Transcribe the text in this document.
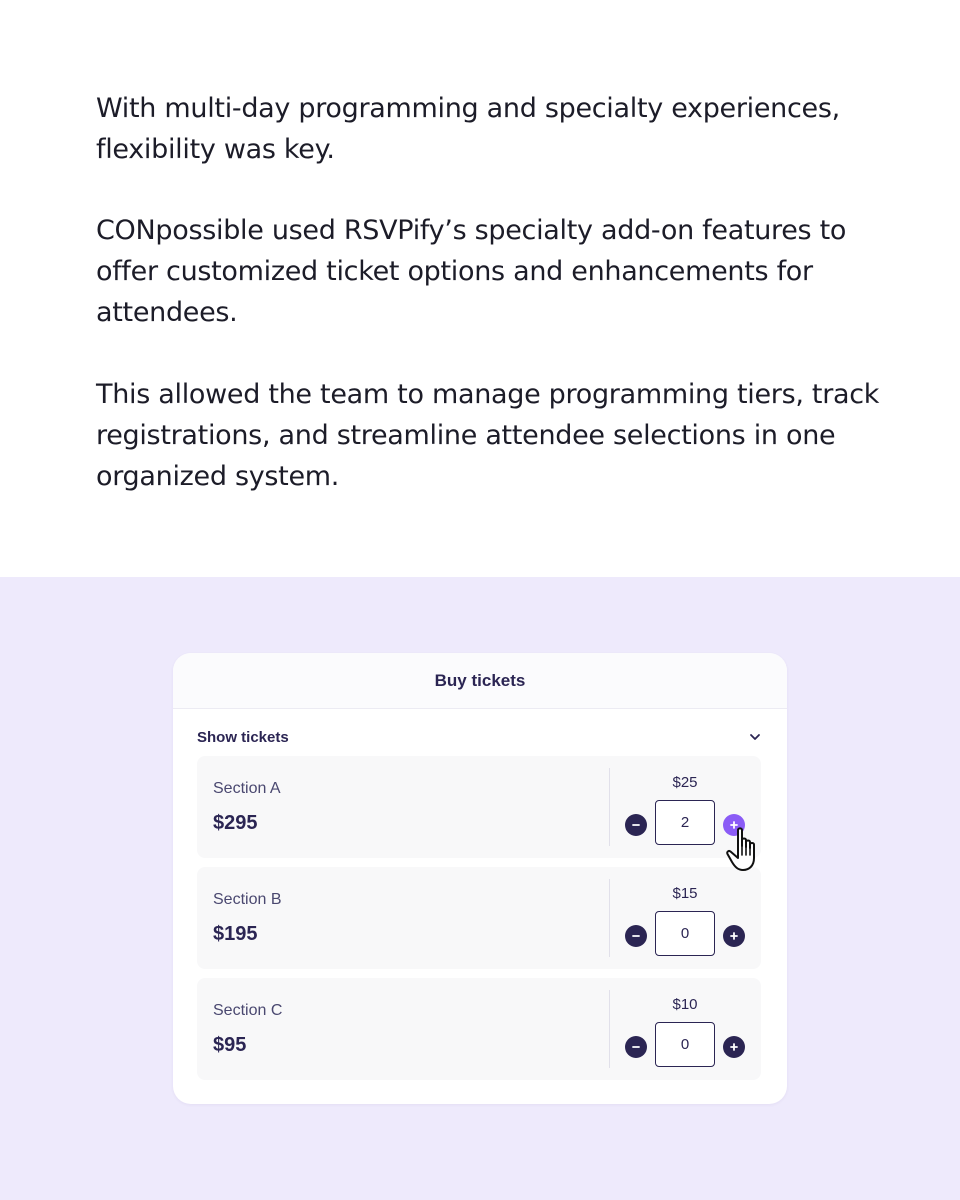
With multi-day programming and specialty experiences, flexibility was key.

CONpossible used RSVPify’s specialty add-on features to offer customized ticket options and enhancements for attendees.

This allowed the team to manage programming tiers, track registrations, and streamline attendee selections in one organized system.

Buy tickets
Show tickets
Section A
$295
$25
2
Section B
$195
$15
0
Section C
$95
$10
0
